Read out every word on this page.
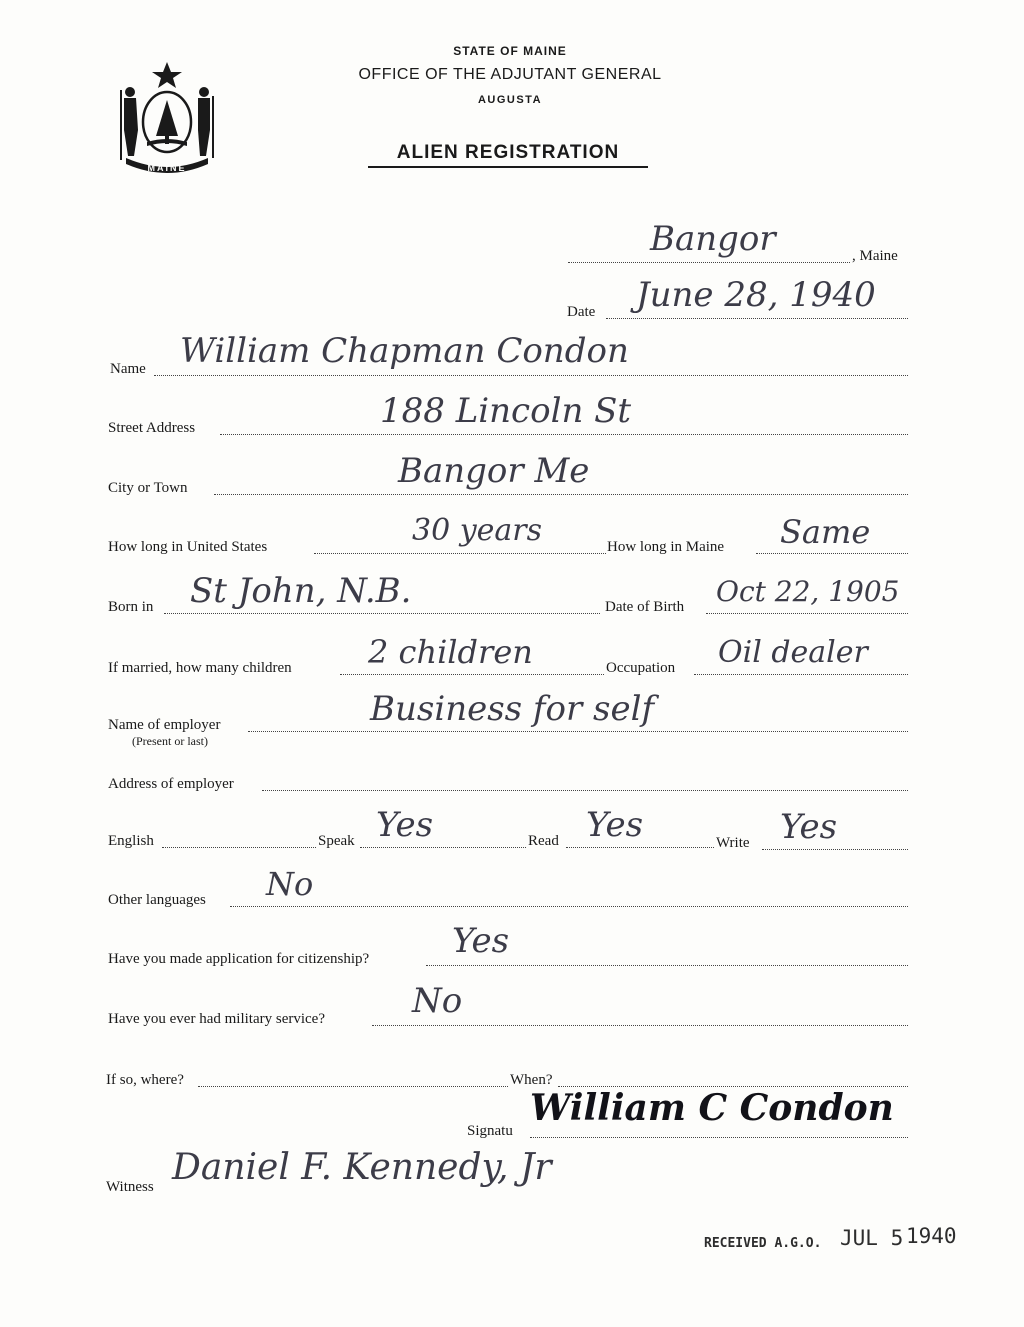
MAINE
STATE OF MAINE
OFFICE OF THE ADJUTANT GENERAL
AUGUSTA
ALIEN REGISTRATION
Bangor	, Maine
Date June 28, 1940
Name William Chapman Condon
Street Address	188 Lincoln St
City or Town	Bangor Me
How long in United States	30 years	How long in Maine Same
Born in St John, N.B.	Date of Birth Oct 22, 1905
If married, how many children 2 children	Occupation Oil dealer
Name of employer
(Present or last)
Business for self
Address of employer
English	Speak Yes	Read Yes	Write Yes
Other languages No
Have you made application for citizenship? Yes
Have you ever had military service?	No
If so, where?	When?
Signatu
William C Condon
Witness Daniel F. Kennedy, Jr
RECEIVED A.G.O. JUL 5 1940
